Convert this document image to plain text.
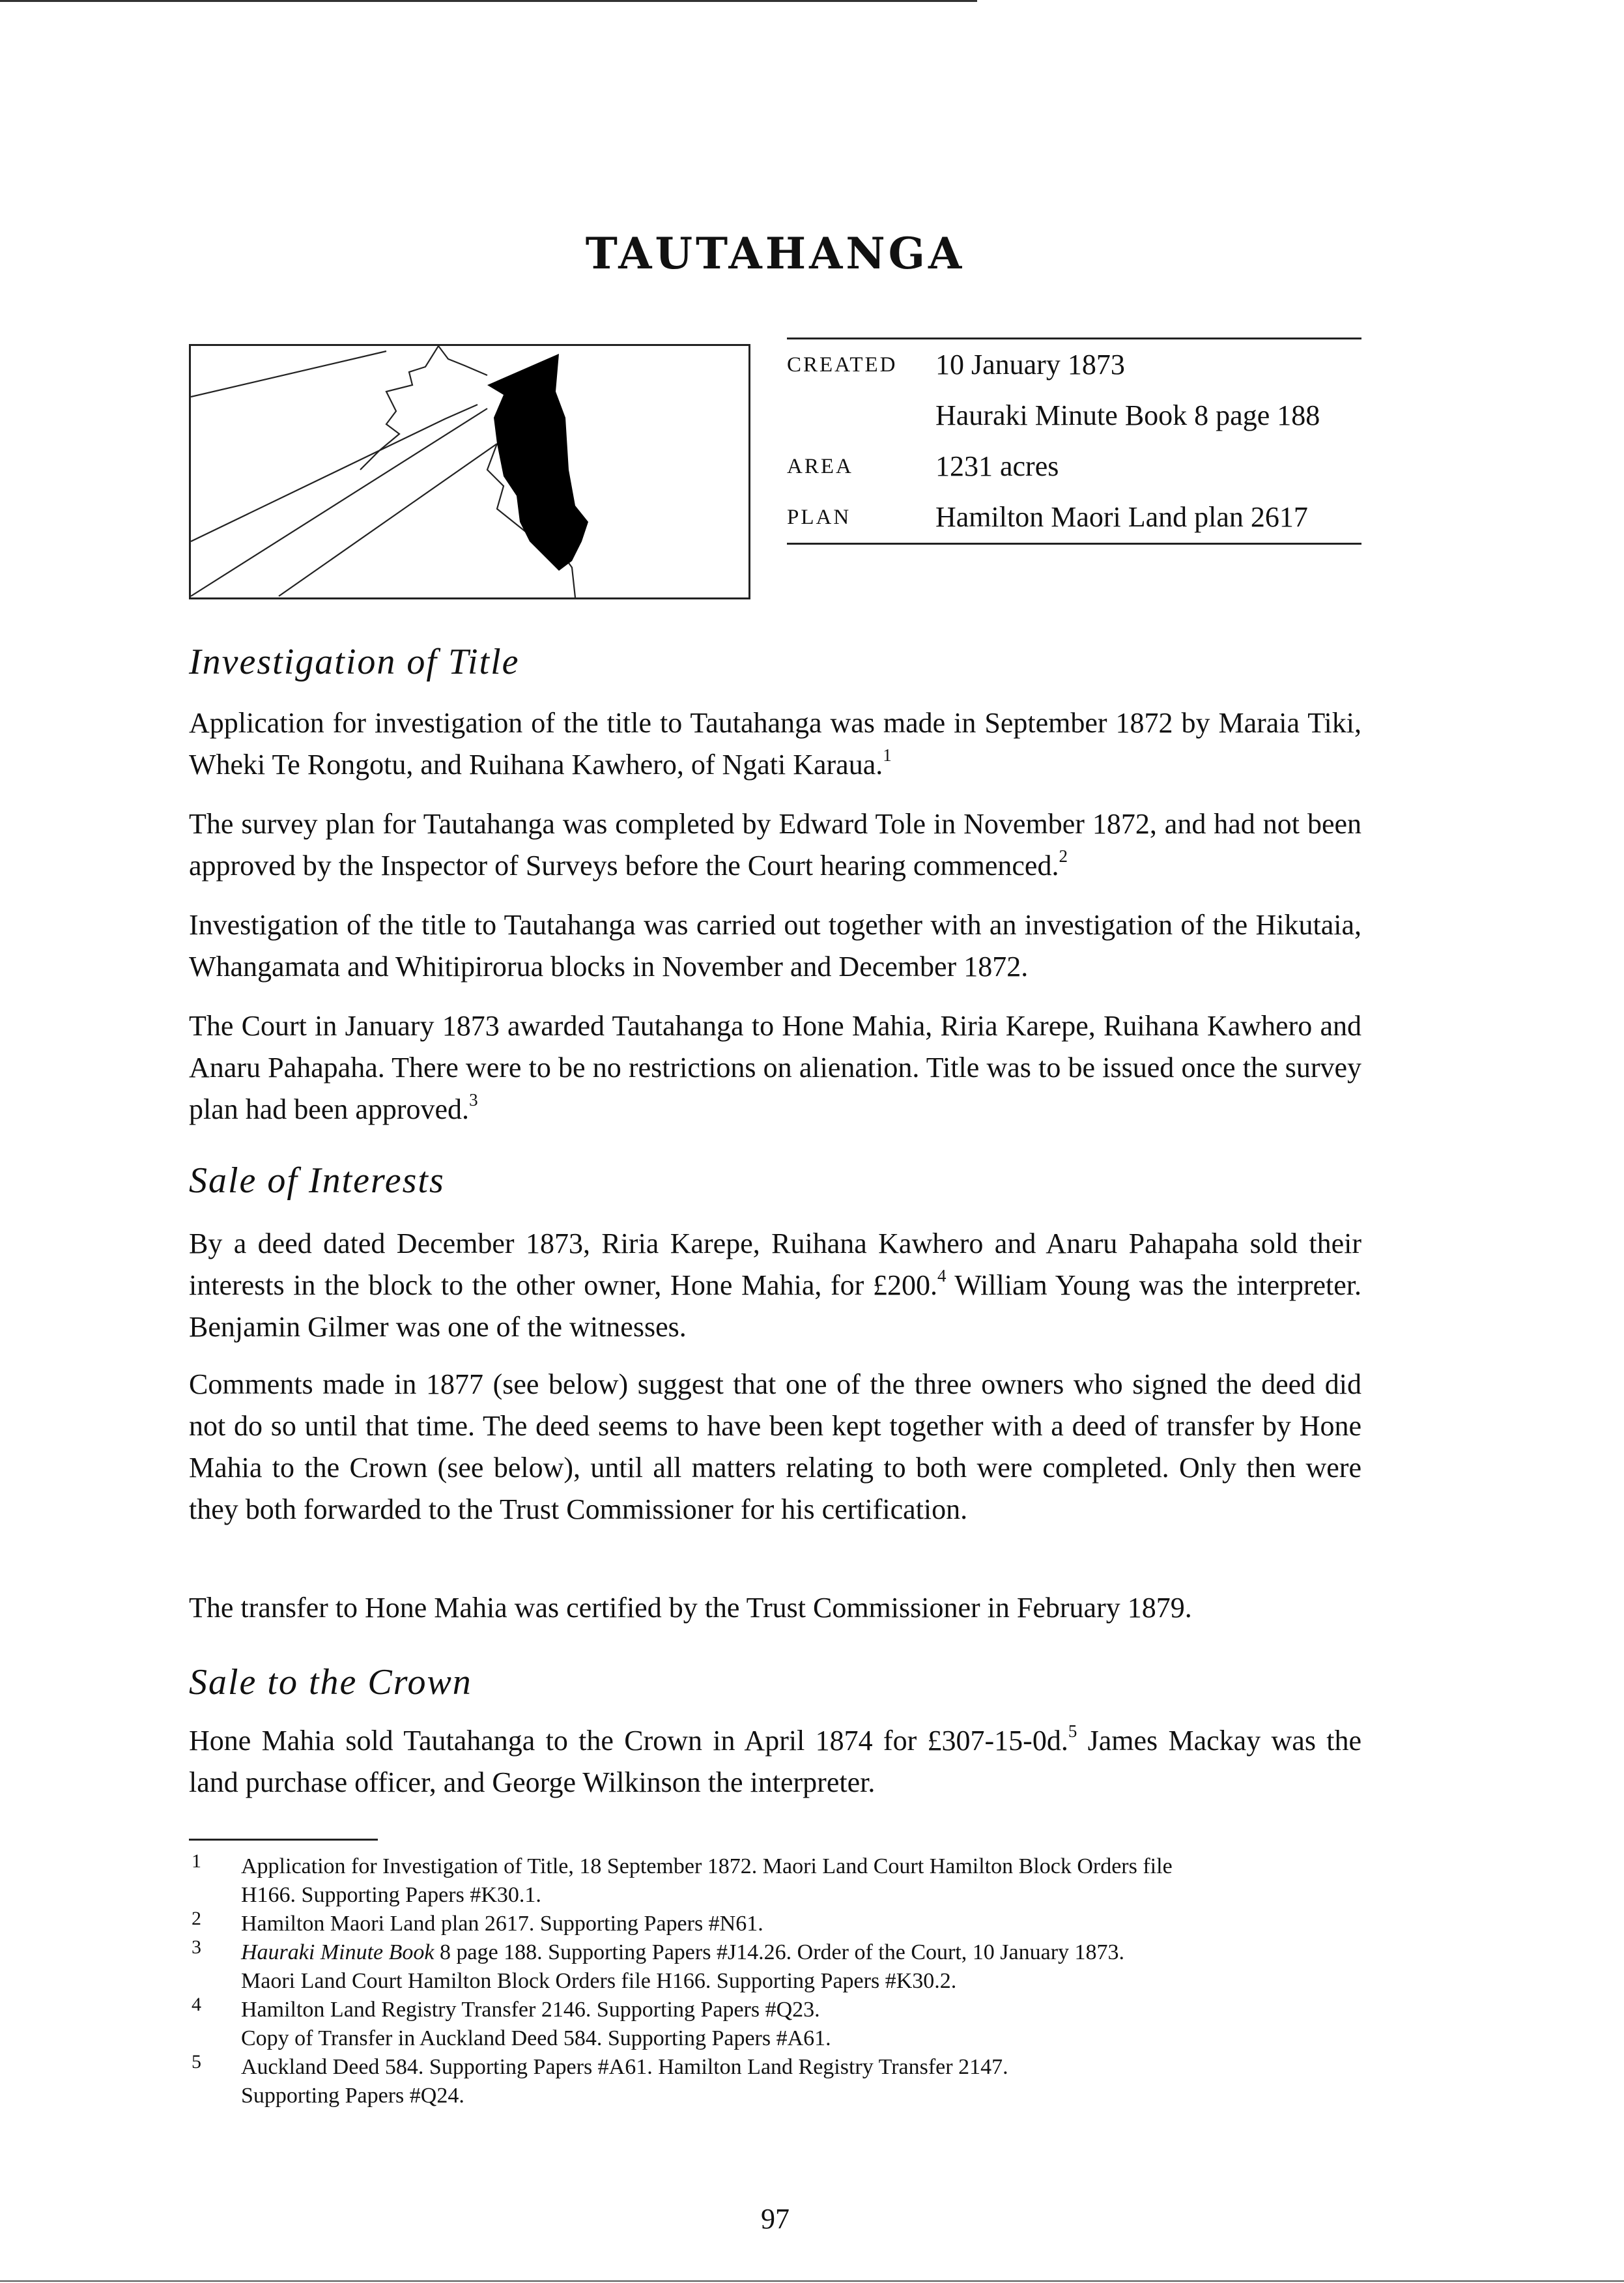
TAUTAHANGA
CREATED 10 January 1873
Hauraki Minute Book 8 page 188
AREA	1231 acres
PLAN	Hamilton Maori Land plan 2617
Investigation of Title

Application for investigation of the title to Tautahanga was made in September 1872 by Maraia Tiki, Wheki Te Rongotu, and Ruihana Kawhero, of Ngati Karaua.$^1$

The survey plan for Tautahanga was completed by Edward Tole in November 1872, and had not been approved by the Inspector of Surveys before the Court hearing commenced.$^2$

Investigation of the title to Tautahanga was carried out together with an investigation of the Hikutaia, Whangamata and Whitipirorua blocks in November and December 1872.

The Court in January 1873 awarded Tautahanga to Hone Mahia, Riria Karepe, Ruihana Kawhero and Anaru Pahapaha. There were to be no restrictions on alienation. Title was to be issued once the survey plan had been approved.$^3$

Sale of Interests

By a deed dated December 1873, Riria Karepe, Ruihana Kawhero and Anaru Pahapaha sold their interests in the block to the other owner, Hone Mahia, for £200.$^4$ William Young was the interpreter. Benjamin Gilmer was one of the witnesses.

Comments made in 1877 (see below) suggest that one of the three owners who signed the deed did not do so until that time. The deed seems to have been kept together with a deed of transfer by Hone Mahia to the Crown (see below), until all matters relating to both were completed. Only then were they both forwarded to the Trust Commissioner for his certification.

The transfer to Hone Mahia was certified by the Trust Commissioner in February 1879.

Sale to the Crown

Hone Mahia sold Tautahanga to the Crown in April 1874 for £307-15-0d.$^5$ James Mackay was the land purchase officer, and George Wilkinson the interpreter.

1 Application for Investigation of Title, 18 September 1872. Maori Land Court Hamilton Block Orders file
H166. Supporting Papers #K30.1.
2 Hamilton Maori Land plan 2617. Supporting Papers #N61.
3 Hauraki Minute Book 8 page 188. Supporting Papers #J14.26. Order of the Court, 10 January 1873.
Maori Land Court Hamilton Block Orders file H166. Supporting Papers #K30.2.
4 Hamilton Land Registry Transfer 2146. Supporting Papers #Q23.
Copy of Transfer in Auckland Deed 584. Supporting Papers #A61.
5 Auckland Deed 584. Supporting Papers #A61. Hamilton Land Registry Transfer 2147.
Supporting Papers #Q24.
97
